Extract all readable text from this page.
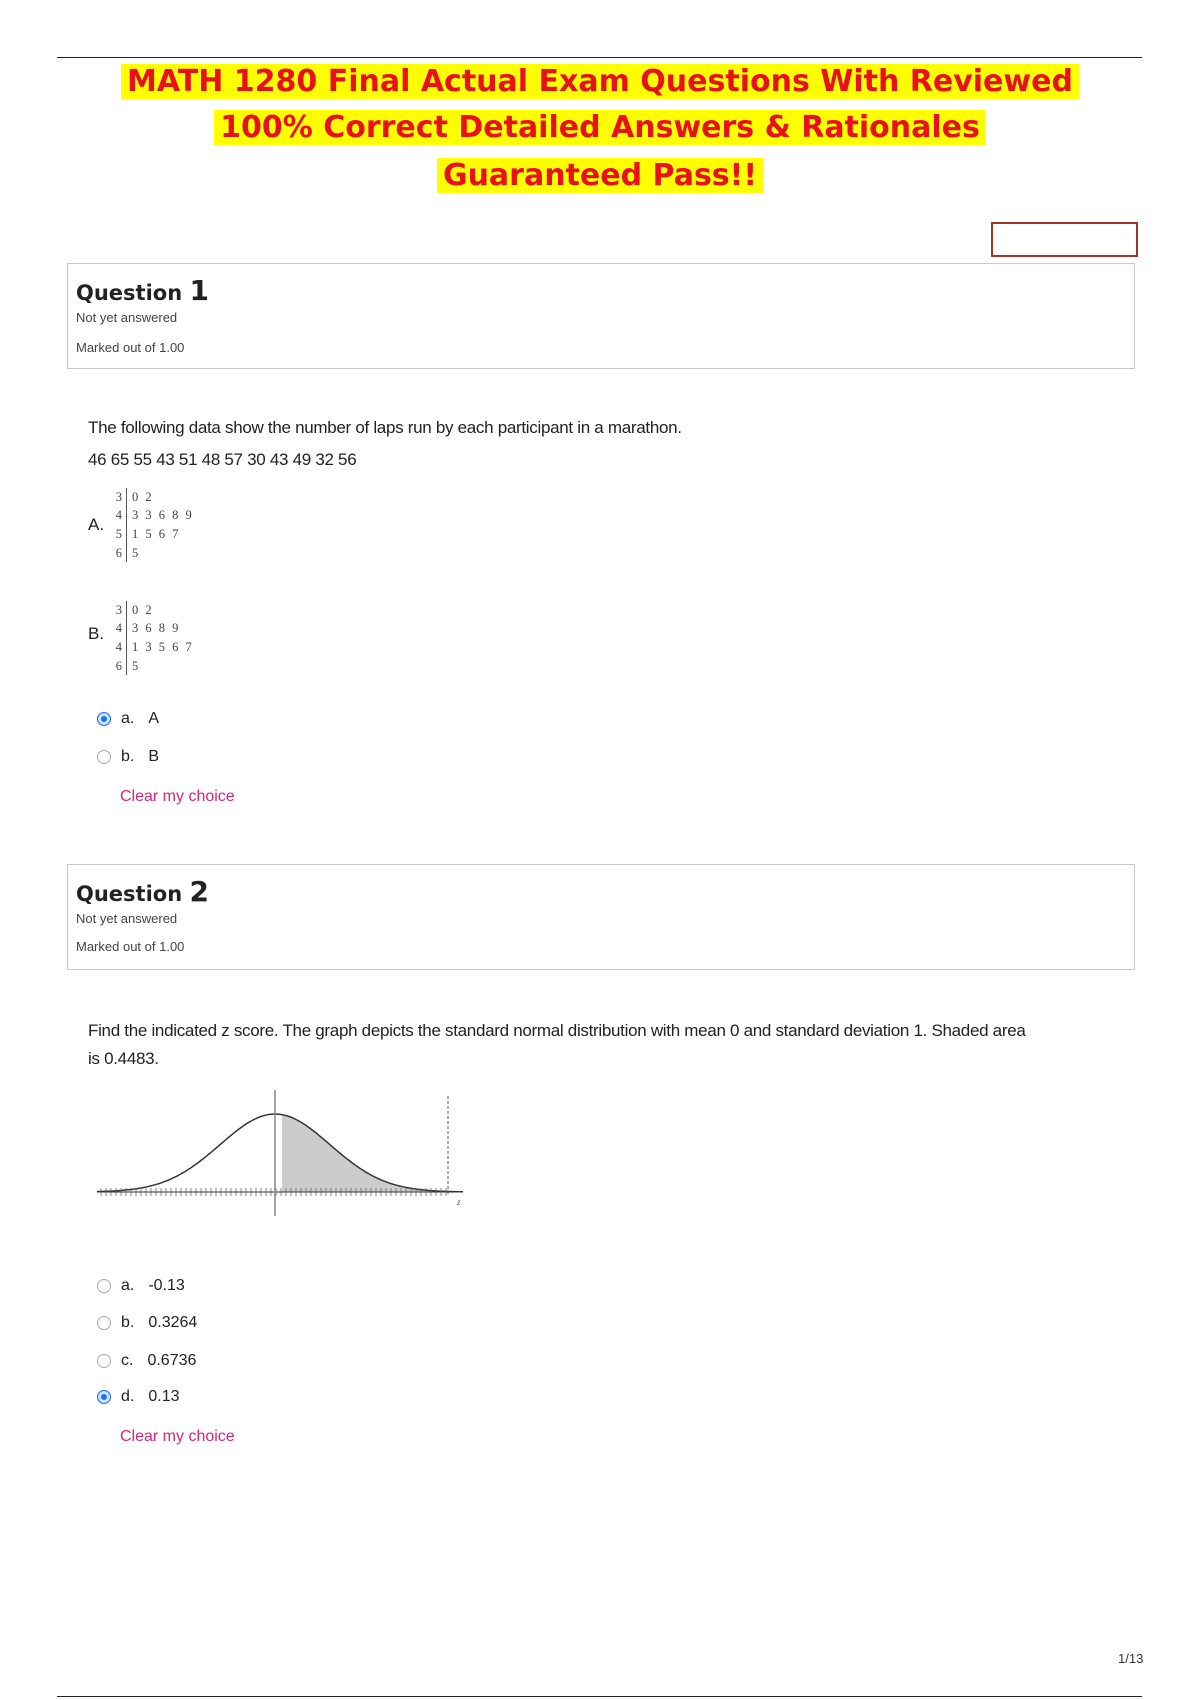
MATH 1280 Final Actual Exam Questions With Reviewed
100% Correct Detailed Answers & Rationales
Guaranteed Pass!!
Question 1
Not yet answered
Marked out of 1.00
The following data show the number of laps run by each participant in a marathon.
46 65 55 43 51 48 57 30 43 49 32 56
A.
3 0 2
4 3 3 6 8 9
5 1 5 6 7
6 5
B.
3 0 2
4 3 6 8 9
4 1 3 5 6 7
6 5
a. A
b. B
Clear my choice
Question 2
Not yet answered
Marked out of 1.00
Find the indicated z score. The graph depicts the standard normal distribution with mean 0 and standard deviation 1. Shaded area
is 0.4483.
z
a. -0.13
b. 0.3264
c. 0.6736
d. 0.13
Clear my choice
1/13
